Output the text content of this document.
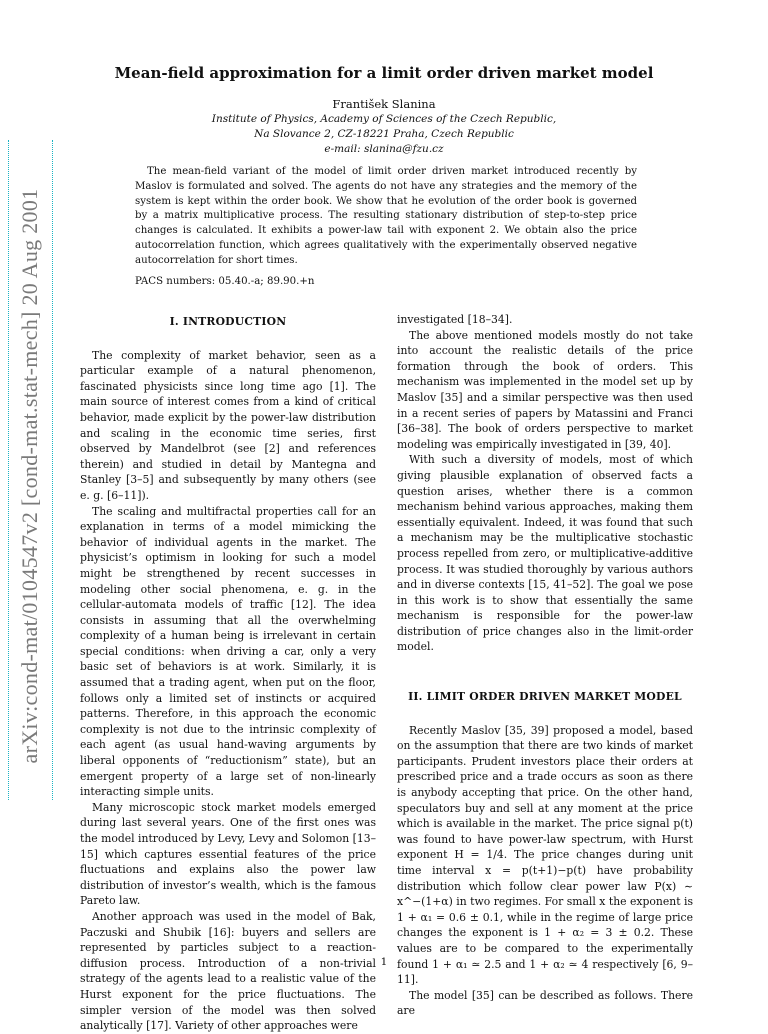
arXiv:cond-mat/0104547v2 [cond-mat.stat-mech] 20 Aug 2001
Mean-field approximation for a limit order driven market model
František Slanina
Institute of Physics, Academy of Sciences of the Czech Republic,
Na Slovance 2, CZ-18221 Praha, Czech Republic
e-mail: slanina@fzu.cz

The mean-field variant of the model of limit order driven market introduced recently by Maslov is formulated and solved. The agents do not have any strategies and the memory of the system is kept within the order book. We show that he evolution of the order book is governed by a matrix multiplicative process. The resulting stationary distribution of step-to-step price changes is calculated. It exhibits a power-law tail with exponent 2. We obtain also the price autocorrelation function, which agrees qualitatively with the experimentally observed negative autocorrelation for short times.

PACS numbers: 05.40.-a; 89.90.+n
I. INTRODUCTION

The complexity of market behavior, seen as a particular example of a natural phenomenon, fascinated physicists since long time ago [1]. The main source of interest comes from a kind of critical behavior, made explicit by the power-law distribution and scaling in the economic time series, first observed by Mandelbrot (see [2] and references therein) and studied in detail by Mantegna and Stanley [3–5] and subsequently by many others (see e. g. [6–11]).

The scaling and multifractal properties call for an explanation in terms of a model mimicking the behavior of individual agents in the market. The physicist’s optimism in looking for such a model might be strengthened by recent successes in modeling other social phenomena, e. g. in the cellular-automata models of traffic [12]. The idea consists in assuming that all the overwhelming complexity of a human being is irrelevant in certain special conditions: when driving a car, only a very basic set of behaviors is at work. Similarly, it is assumed that a trading agent, when put on the floor, follows only a limited set of instincts or acquired patterns. Therefore, in this approach the economic complexity is not due to the intrinsic complexity of each agent (as usual hand-waving arguments by liberal opponents of “reductionism” state), but an emergent property of a large set of non-linearly interacting simple units.

Many microscopic stock market models emerged during last several years. One of the first ones was the model introduced by Levy, Levy and Solomon [13–15] which captures essential features of the price fluctuations and explains also the power law distribution of investor’s wealth, which is the famous Pareto law.

Another approach was used in the model of Bak, Paczuski and Shubik [16]: buyers and sellers are represented by particles subject to a reaction-diffusion process. Introduction of a non-trivial strategy of the agents lead to a realistic value of the Hurst exponent for the price fluctuations. The simpler version of the model was then solved analytically [17]. Variety of other approaches were

investigated [18–34].

The above mentioned models mostly do not take into account the realistic details of the price formation through the book of orders. This mechanism was implemented in the model set up by Maslov [35] and a similar perspective was then used in a recent series of papers by Matassini and Franci [36–38]. The book of orders perspective to market modeling was empirically investigated in [39, 40].

With such a diversity of models, most of which giving plausible explanation of observed facts a question arises, whether there is a common mechanism behind various approaches, making them essentially equivalent. Indeed, it was found that such a mechanism may be the multiplicative stochastic process repelled from zero, or multiplicative-additive process. It was studied thoroughly by various authors and in diverse contexts [15, 41–52]. The goal we pose in this work is to show that essentially the same mechanism is responsible for the power-law distribution of price changes also in the limit-order model.

II. LIMIT ORDER DRIVEN MARKET MODEL

Recently Maslov [35, 39] proposed a model, based on the assumption that there are two kinds of market participants. Prudent investors place their orders at prescribed price and a trade occurs as soon as there is anybody accepting that price. On the other hand, speculators buy and sell at any moment at the price which is available in the market. The price signal p(t) was found to have power-law spectrum, with Hurst exponent H = 1/4. The price changes during unit time interval x = p(t+1)−p(t) have probability distribution which follow clear power law P(x) ∼ x^−(1+α) in two regimes. For small x the exponent is 1 + α₁ = 0.6 ± 0.1, while in the regime of large price changes the exponent is 1 + α₂ = 3 ± 0.2. These values are to be compared to the experimentally found 1 + α₁ ≃ 2.5 and 1 + α₂ ≃ 4 respectively [6, 9–11].

The model [35] can be described as follows. There are

1
